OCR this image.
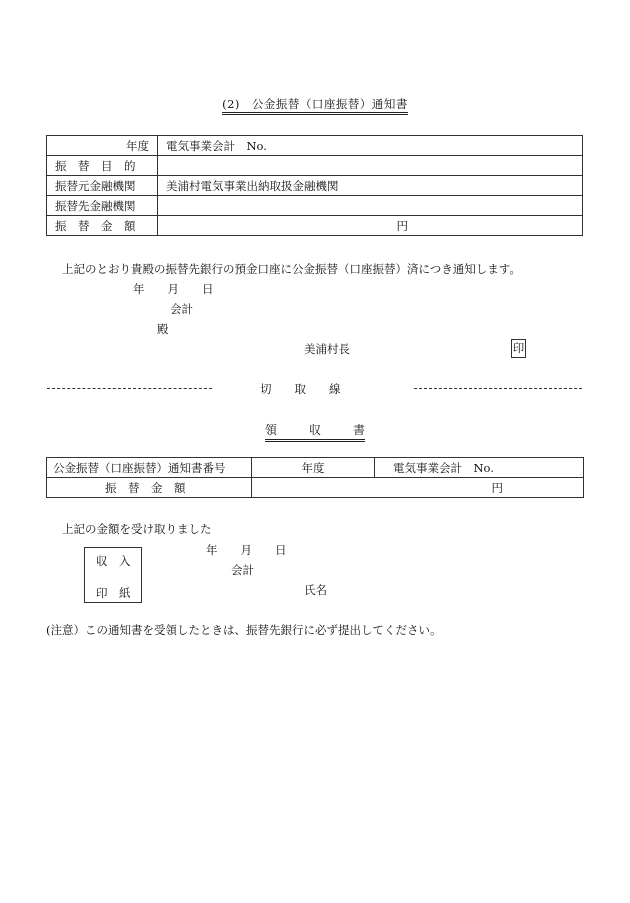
(2)　公金振替（口座振替）通知書
年度	電気事業会計　No.
振　替　目　的	
振替元金融機関	美浦村電気事業出納取扱金融機関
振替先金融機関	
振　替　金　額	円
上記のとおり貴殿の振替先銀行の預金口座に公金振替（口座振替）済につき通知します。
年　　月　　日
会計
殿
美浦村長	印
切　　取　　線
領	収	書
公金振替（口座振替）通知書番号	年度	電気事業会計　No.
振　替　金　額	円	
上記の金額を受け取りました
収　入
印　紙
年　　月　　日
会計
氏名
(注意）この通知書を受領したときは、振替先銀行に必ず提出してください。
